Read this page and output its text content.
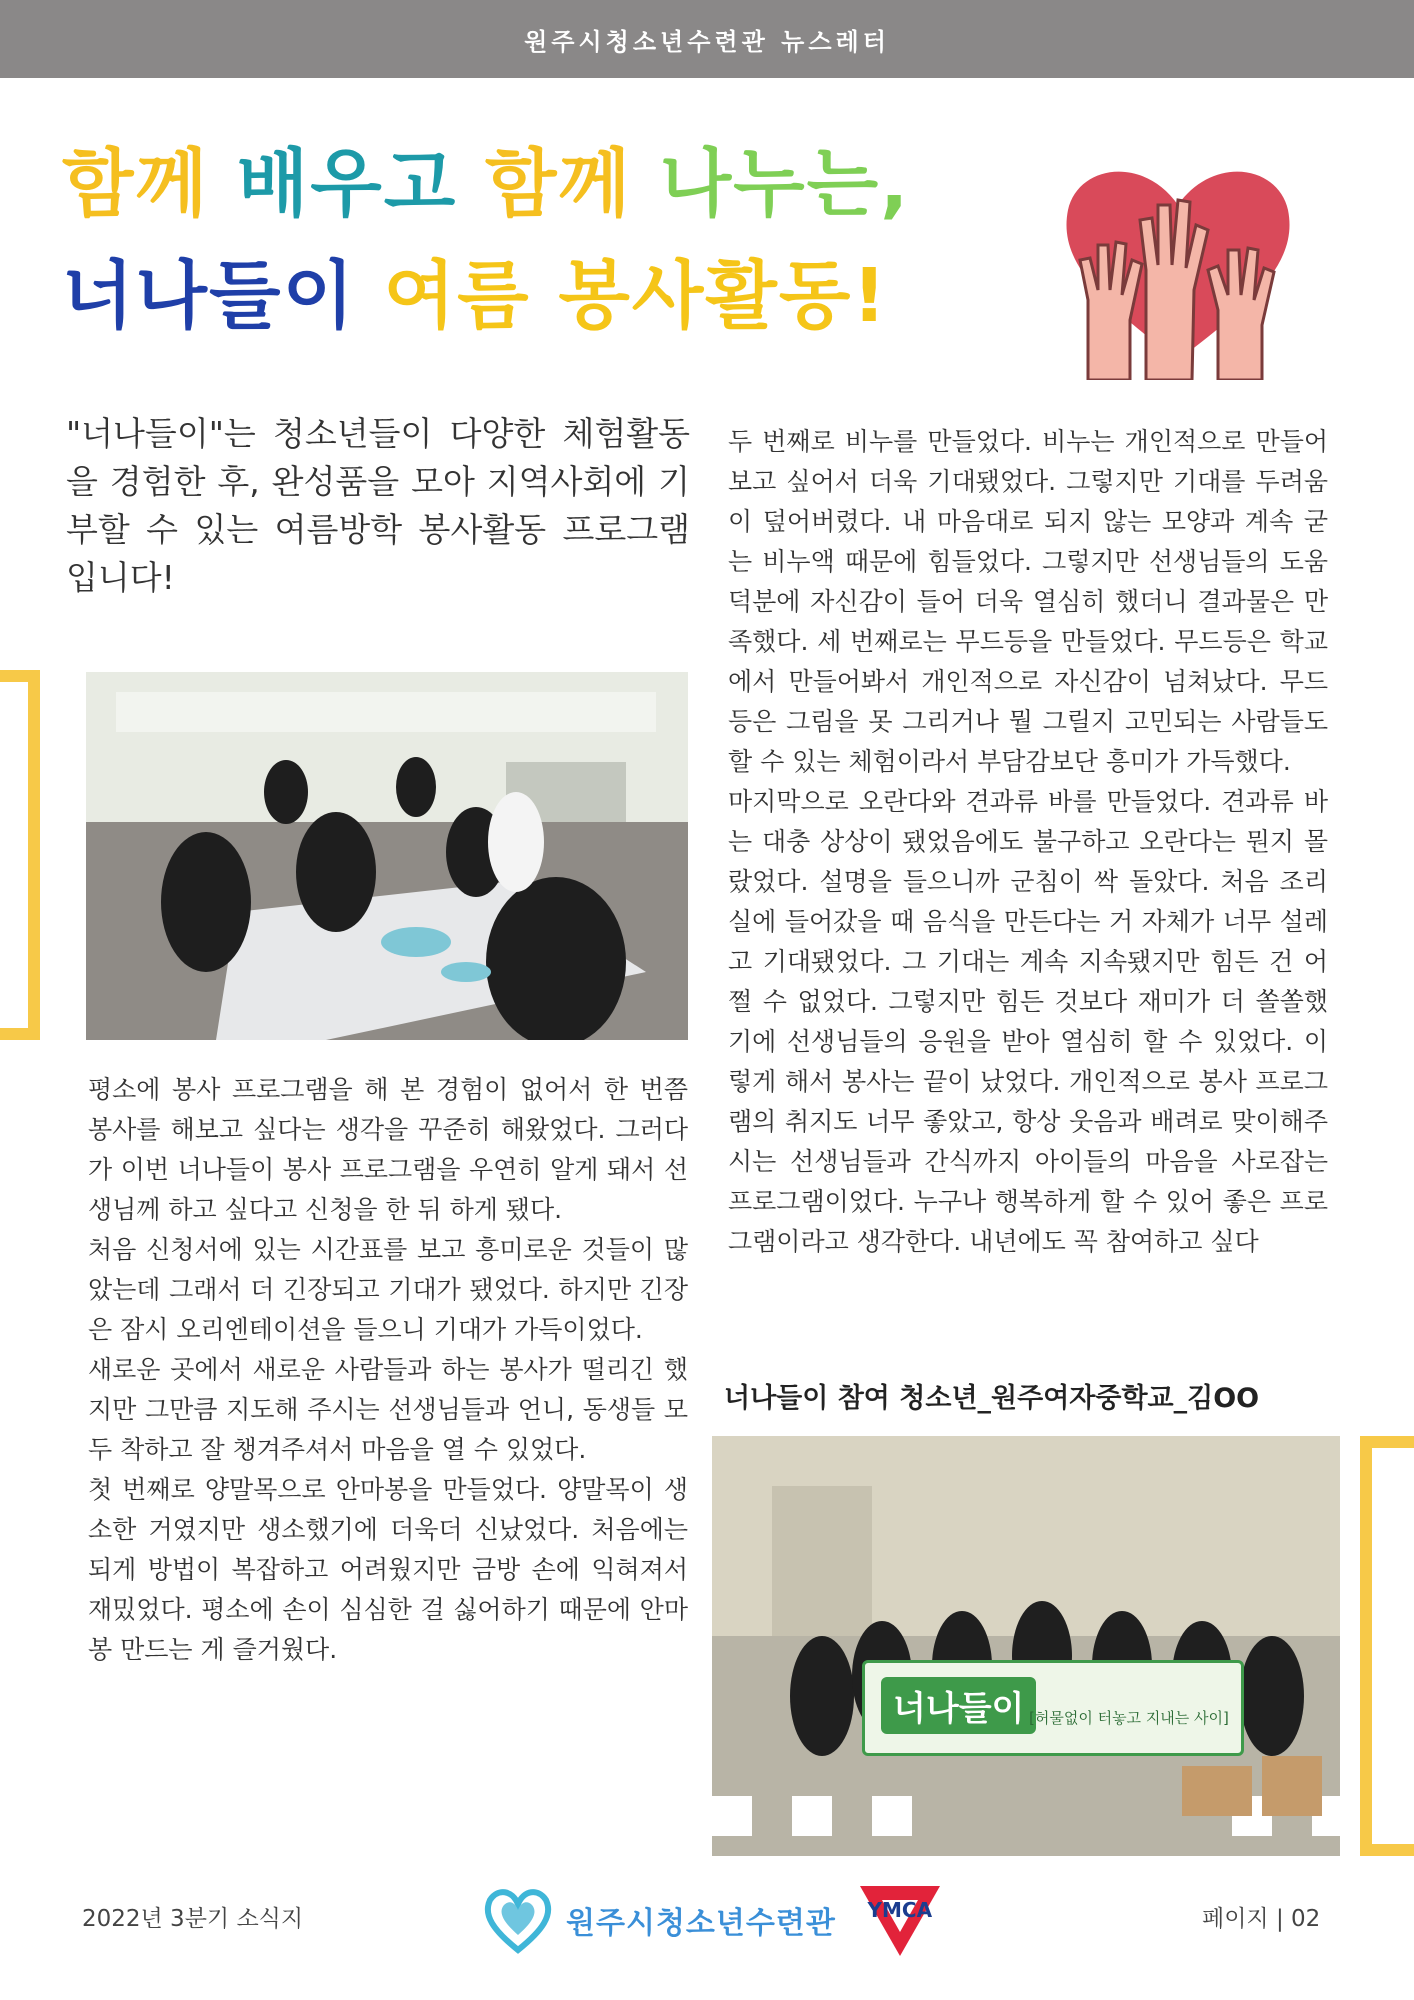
원주시청소년수련관 뉴스레터
함께 배우고 함께 나누는,
너나들이 여름 봉사활동!

"너나들이"는 청소년들이 다양한 체험활동을 경험한 후, 완성품을 모아 지역사회에 기부할 수 있는 여름방학 봉사활동 프로그램입니다!

평소에 봉사 프로그램을 해 본 경험이 없어서 한 번쯤 봉사를 해보고 싶다는 생각을 꾸준히 해왔었다. 그러다가 이번 너나들이 봉사 프로그램을 우연히 알게 돼서 선생님께 하고 싶다고 신청을 한 뒤 하게 됐다.

처음 신청서에 있는 시간표를 보고 흥미로운 것들이 많았는데 그래서 더 긴장되고 기대가 됐었다. 하지만 긴장은 잠시 오리엔테이션을 들으니 기대가 가득이었다.

새로운 곳에서 새로운 사람들과 하는 봉사가 떨리긴 했지만 그만큼 지도해 주시는 선생님들과 언니, 동생들 모두 착하고 잘 챙겨주셔서 마음을 열 수 있었다.

첫 번째로 양말목으로 안마봉을 만들었다. 양말목이 생소한 거였지만 생소했기에 더욱더 신났었다. 처음에는 되게 방법이 복잡하고 어려웠지만 금방 손에 익혀져서 재밌었다. 평소에 손이 심심한 걸 싫어하기 때문에 안마 봉 만드는 게 즐거웠다.

두 번째로 비누를 만들었다. 비누는 개인적으로 만들어보고 싶어서 더욱 기대됐었다. 그렇지만 기대를 두려움이 덮어버렸다. 내 마음대로 되지 않는 모양과 계속 굳는 비누액 때문에 힘들었다. 그렇지만 선생님들의 도움 덕분에 자신감이 들어 더욱 열심히 했더니 결과물은 만족했다. 세 번째로는 무드등을 만들었다. 무드등은 학교에서 만들어봐서 개인적으로 자신감이 넘쳐났다. 무드등은 그림을 못 그리거나 뭘 그릴지 고민되는 사람들도 할 수 있는 체험이라서 부담감보단 흥미가 가득했다.

마지막으로 오란다와 견과류 바를 만들었다. 견과류 바는 대충 상상이 됐었음에도 불구하고 오란다는 뭔지 몰랐었다. 설명을 들으니까 군침이 싹 돌았다. 처음 조리실에 들어갔을 때 음식을 만든다는 거 자체가 너무 설레고 기대됐었다. 그 기대는 계속 지속됐지만 힘든 건 어쩔 수 없었다. 그렇지만 힘든 것보다 재미가 더 쏠쏠했기에 선생님들의 응원을 받아 열심히 할 수 있었다. 이렇게 해서 봉사는 끝이 났었다. 개인적으로 봉사 프로그램의 취지도 너무 좋았고, 항상 웃음과 배려로 맞이해주시는 선생님들과 간식까지 아이들의 마음을 사로잡는 프로그램이었다. 누구나 행복하게 할 수 있어 좋은 프로그램이라고 생각한다. 내년에도 꼭 참여하고 싶다

너나들이 참여 청소년_원주여자중학교_김OO

너나들이 [허물없이 터놓고 지내는 사이]
2022년 3분기 소식지	원주시청소년수련관	YMCA	페이지 | 02
